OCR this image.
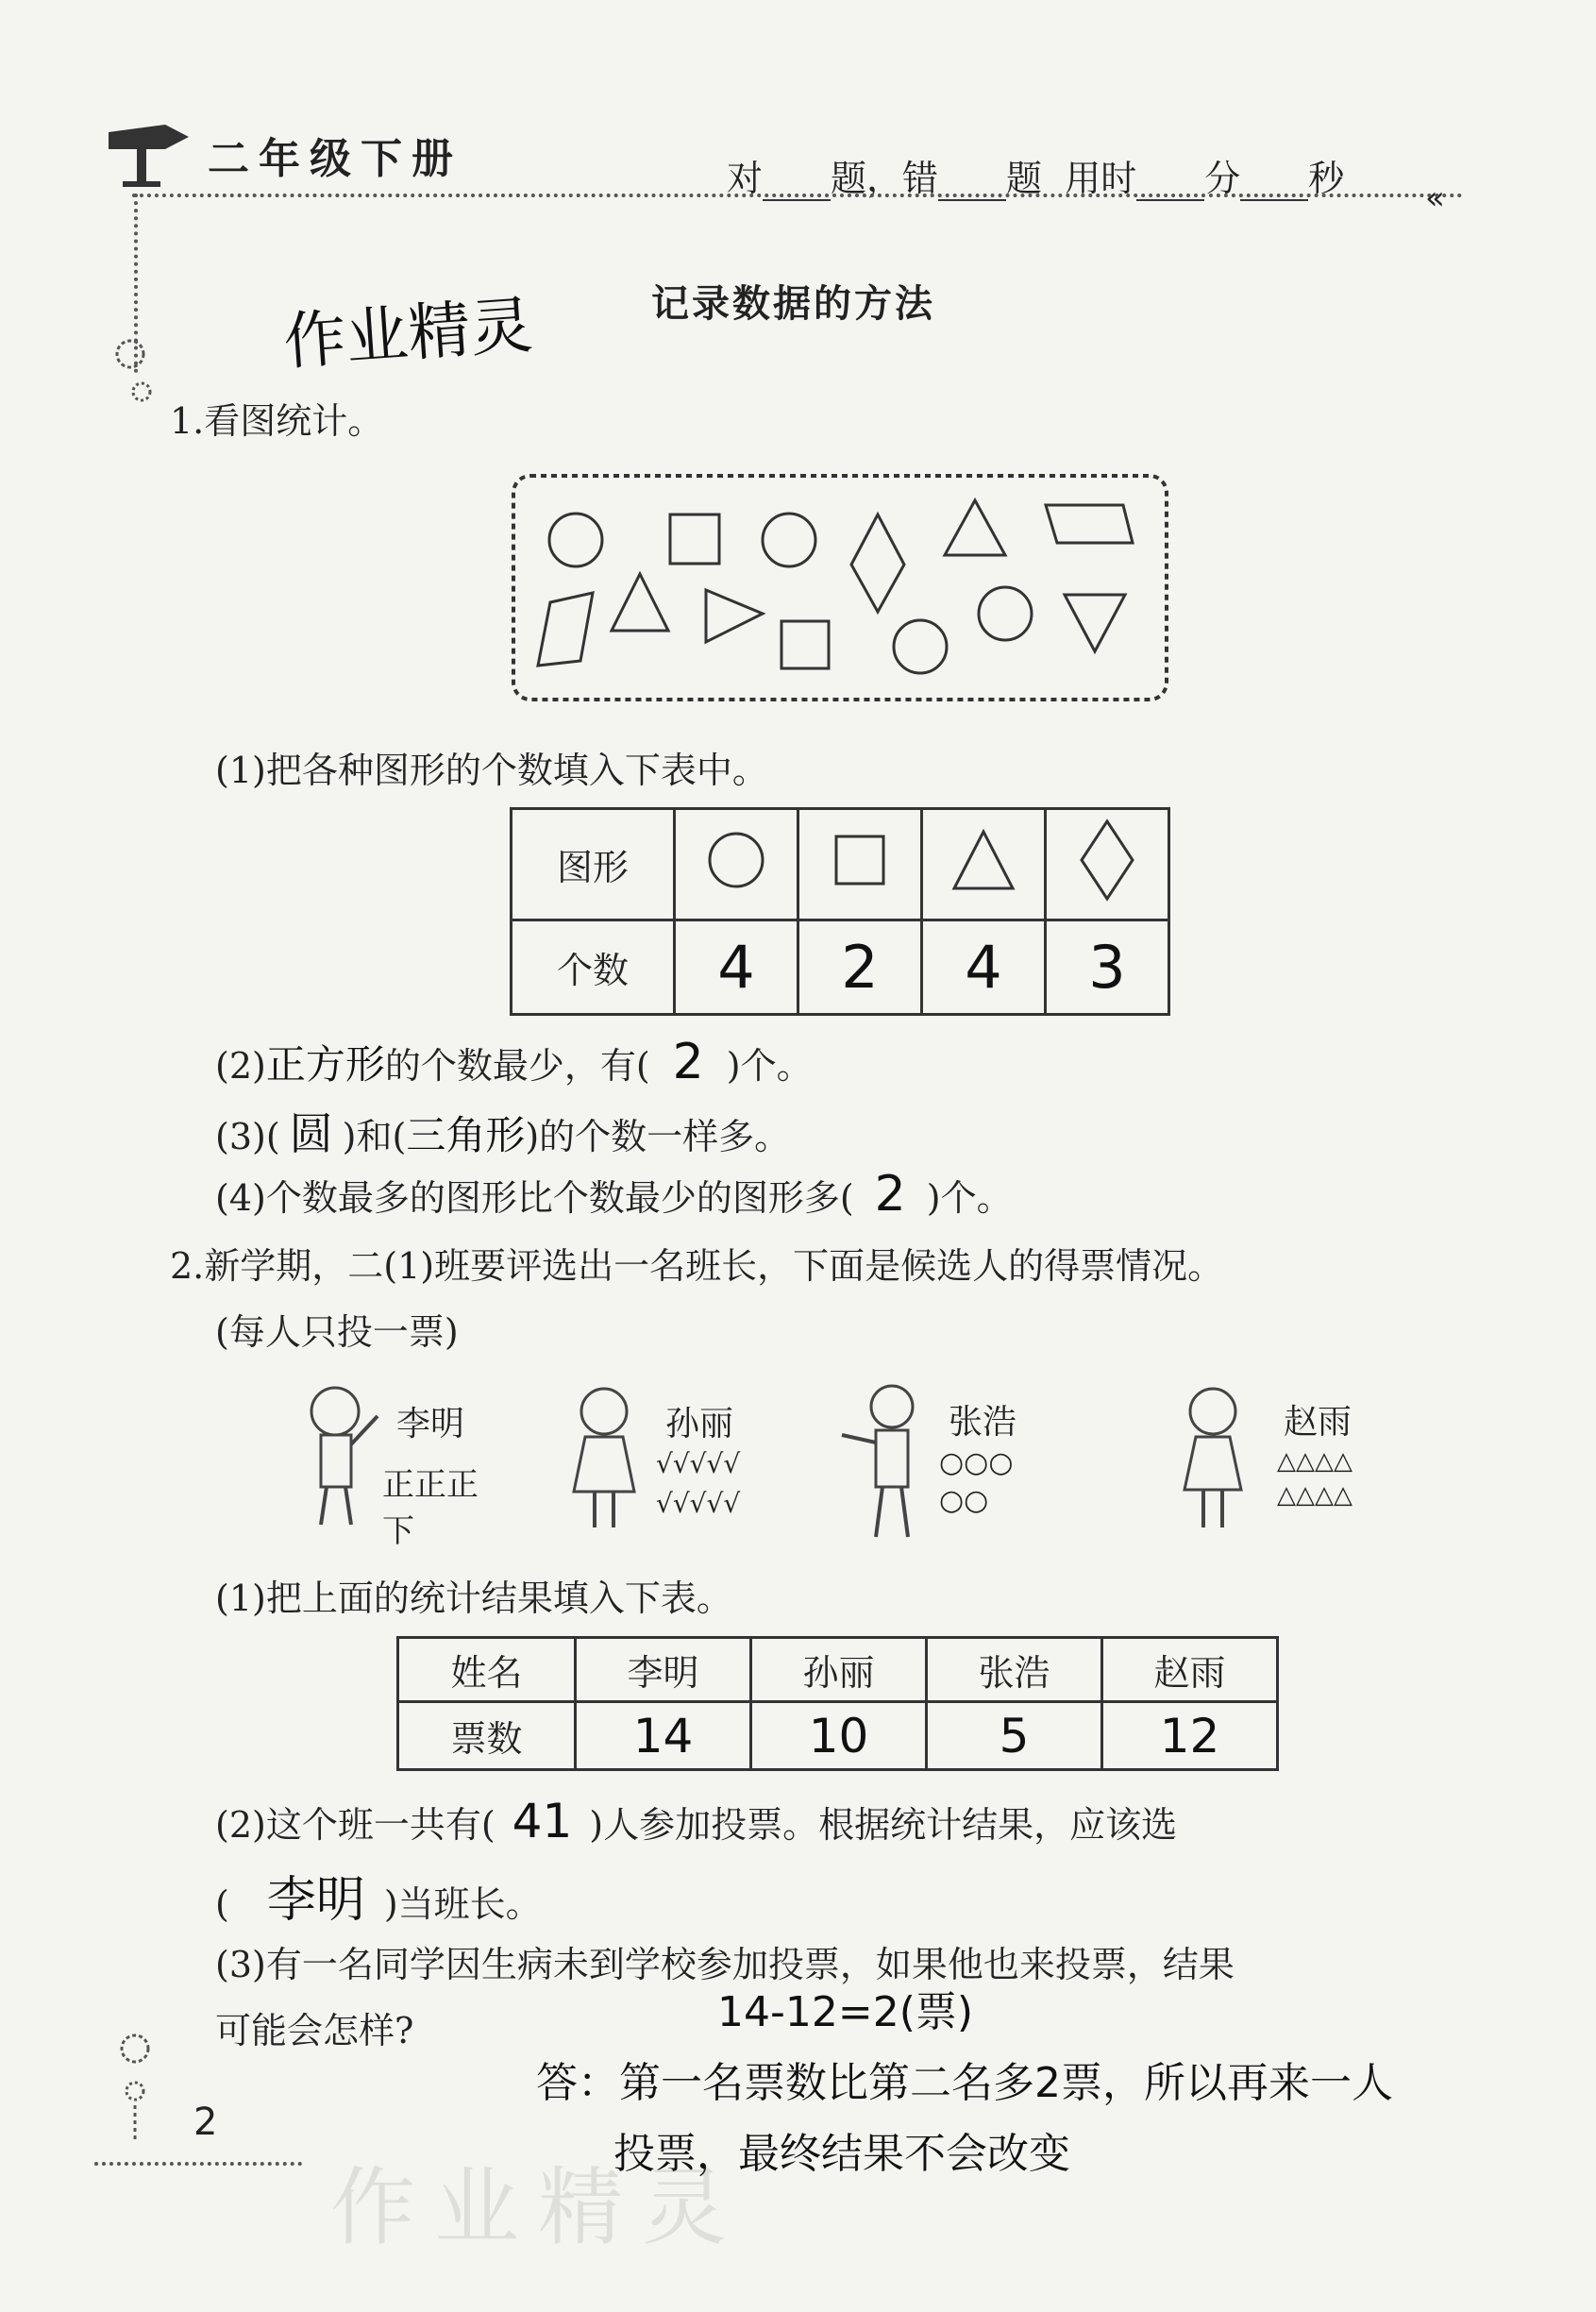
二年级下册	对 题，错 题 用时 分 秒	«
作业精灵	记录数据的方法
1.看图统计。
(1)把各种图形的个数填入下表中。
图形				
个数	4	2	4	3
(2)正方形的个数最少，有( 2 )个。
(3)( 圆 )和(三角形)的个数一样多。
(4)个数最多的图形比个数最少的图形多( 2 )个。
2.新学期，二(1)班要评选出一名班长，下面是候选人的得票情况。
(每人只投一票)
李明
正正正下
孙丽
√√√√√ √√√√√
张浩
○○○ ○○
赵雨
△△△△ △△△△
(1)把上面的统计结果填入下表。
姓名	李明	孙丽	张浩	赵雨
票数	14	10	5	12
(2)这个班一共有( 41 )人参加投票。根据统计结果，应该选
( 李明 )当班长。
(3)有一名同学因生病未到学校参加投票，如果他也来投票，结果
可能会怎样?	14-12=2(票)
答：第一名票数比第二名多2票，所以再来一人
投票，最终结果不会改变
2
作业精灵
